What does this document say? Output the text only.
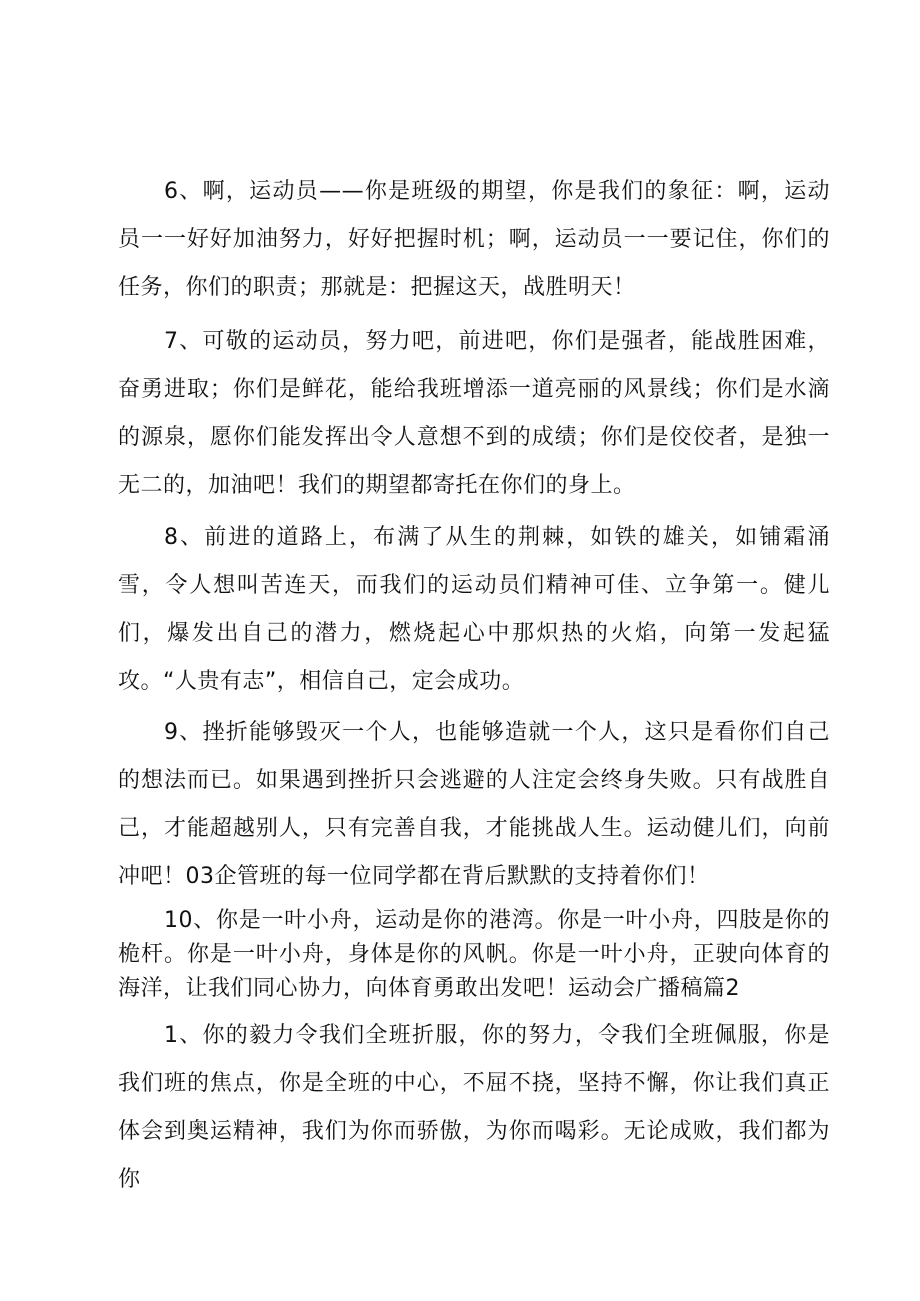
6、啊，运动员——你是班级的期望，你是我们的象征：啊，运动员一一好好加油努力，好好把握时机；啊，运动员一一要记住，你们的任务，你们的职责；那就是：把握这天，战胜明天！

7、可敬的运动员，努力吧，前进吧，你们是强者，能战胜困难，奋勇进取；你们是鲜花，能给我班增添一道亮丽的风景线；你们是水滴的源泉，愿你们能发挥出令人意想不到的成绩；你们是佼佼者，是独一无二的，加油吧！我们的期望都寄托在你们的身上。

8、前进的道路上，布满了从生的荆棘，如铁的雄关，如铺霜涌雪，令人想叫苦连天，而我们的运动员们精神可佳、立争第一。健儿们，爆发出自己的潜力，燃烧起心中那炽热的火焰，向第一发起猛攻。“人贵有志”，相信自己，定会成功。

9、挫折能够毁灭一个人，也能够造就一个人，这只是看你们自己的想法而已。如果遇到挫折只会逃避的人注定会终身失败。只有战胜自己，才能超越别人，只有完善自我，才能挑战人生。运动健儿们，向前冲吧！03企管班的每一位同学都在背后默默的支持着你们！

10、你是一叶小舟，运动是你的港湾。你是一叶小舟，四肢是你的桅杆。你是一叶小舟，身体是你的风帆。你是一叶小舟，正驶向体育的海洋，让我们同心协力，向体育勇敢出发吧！运动会广播稿篇2

1、你的毅力令我们全班折服，你的努力，令我们全班佩服，你是我们班的焦点，你是全班的中心，不屈不挠，坚持不懈，你让我们真正体会到奥运精神，我们为你而骄傲，为你而喝彩。无论成败，我们都为你
